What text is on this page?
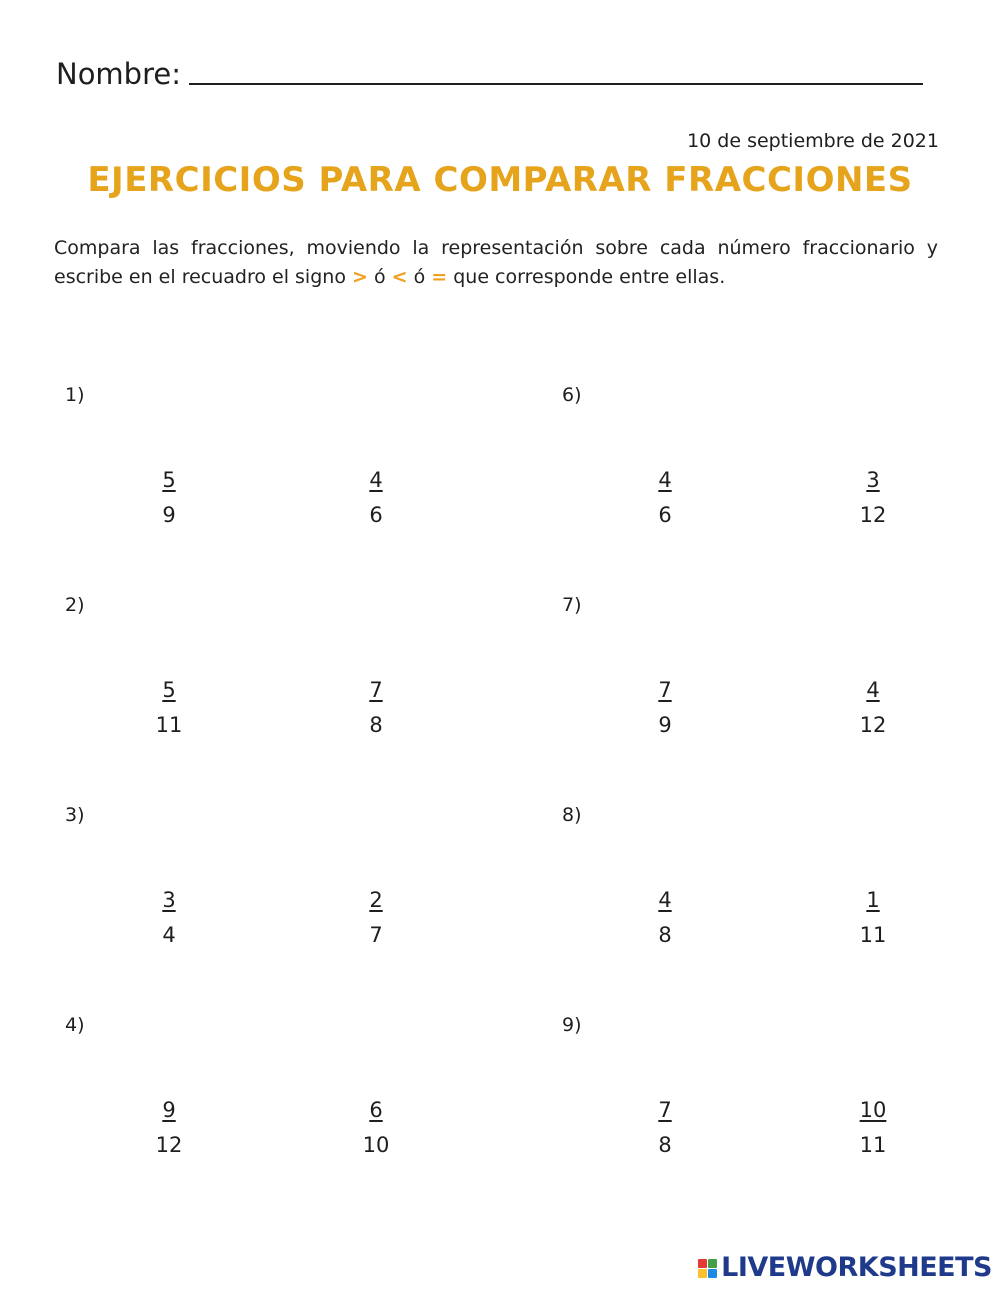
Nombre:
10 de septiembre de 2021
EJERCICIOS PARA COMPARAR FRACCIONES
Compara las fracciones, moviendo la representación sobre cada número fraccionario y escribe en el recuadro el signo > ó < ó = que corresponde entre ellas.
1)
$\frac{5}{9}$	$\frac{4}{6}$
2)
$\frac{5}{11}$	$\frac{7}{8}$
3)
$\frac{3}{4}$	$\frac{2}{7}$
4)
$\frac{9}{12}$	$\frac{6}{10}$
6)
$\frac{4}{6}$	$\frac{3}{12}$
7)
$\frac{7}{9}$	$\frac{4}{12}$
8)
$\frac{4}{8}$	$\frac{1}{11}$
9)
$\frac{7}{8}$	$\frac{10}{11}$
LIVEWORKSHEETS
